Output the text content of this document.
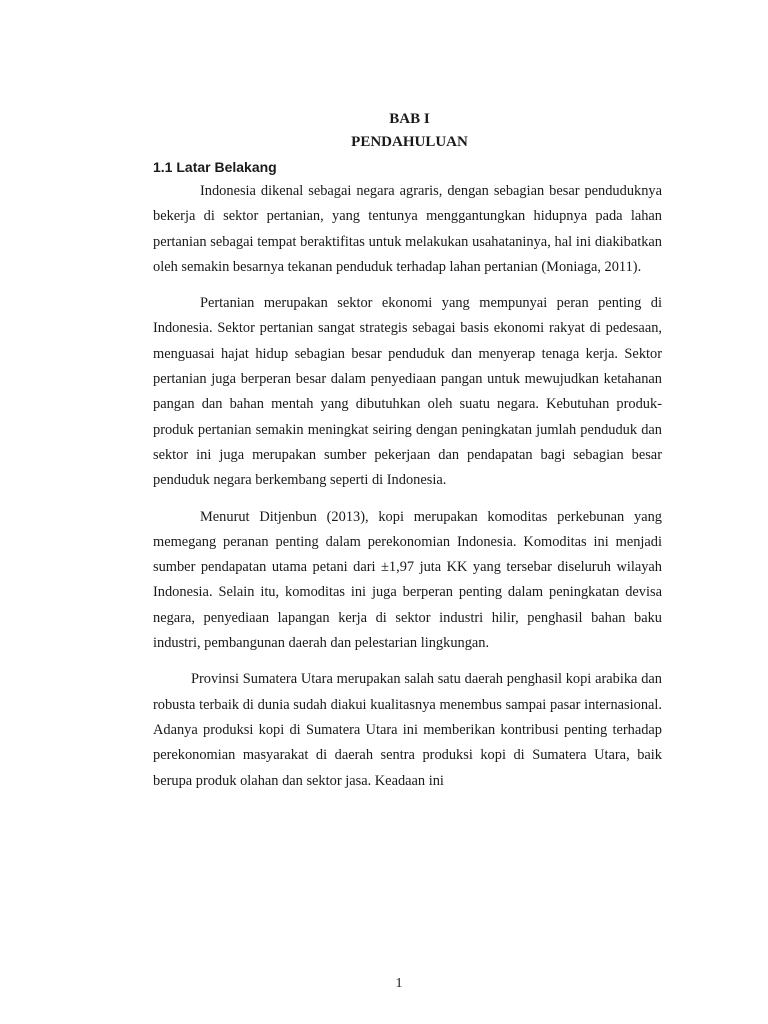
BAB I

PENDAHULUAN

1.1 Latar Belakang

Indonesia dikenal sebagai negara agraris, dengan sebagian besar penduduknya bekerja di sektor pertanian, yang tentunya menggantungkan hidupnya pada lahan pertanian sebagai tempat beraktifitas untuk melakukan usahataninya, hal ini diakibatkan oleh semakin besarnya tekanan penduduk terhadap lahan pertanian (Moniaga, 2011).

Pertanian merupakan sektor ekonomi yang mempunyai peran penting di Indonesia. Sektor pertanian sangat strategis sebagai basis ekonomi rakyat di pedesaan, menguasai hajat hidup sebagian besar penduduk dan menyerap tenaga kerja. Sektor pertanian juga berperan besar dalam penyediaan pangan untuk mewujudkan ketahanan pangan dan bahan mentah yang dibutuhkan oleh suatu negara. Kebutuhan produk-produk pertanian semakin meningkat seiring dengan peningkatan jumlah penduduk dan sektor ini juga merupakan sumber pekerjaan dan pendapatan bagi sebagian besar penduduk negara berkembang seperti di Indonesia.

Menurut Ditjenbun (2013), kopi merupakan komoditas perkebunan yang memegang peranan penting dalam perekonomian Indonesia. Komoditas ini menjadi sumber pendapatan utama petani dari ±1,97 juta KK yang tersebar diseluruh wilayah Indonesia. Selain itu, komoditas ini juga berperan penting dalam peningkatan devisa negara, penyediaan lapangan kerja di sektor industri hilir, penghasil bahan baku industri, pembangunan daerah dan pelestarian lingkungan.

Provinsi Sumatera Utara merupakan salah satu daerah penghasil kopi arabika dan robusta terbaik di dunia sudah diakui kualitasnya menembus sampai pasar internasional. Adanya produksi kopi di Sumatera Utara ini memberikan kontribusi penting terhadap perekonomian masyarakat di daerah sentra produksi kopi di Sumatera Utara, baik berupa produk olahan dan sektor jasa. Keadaan ini

1
